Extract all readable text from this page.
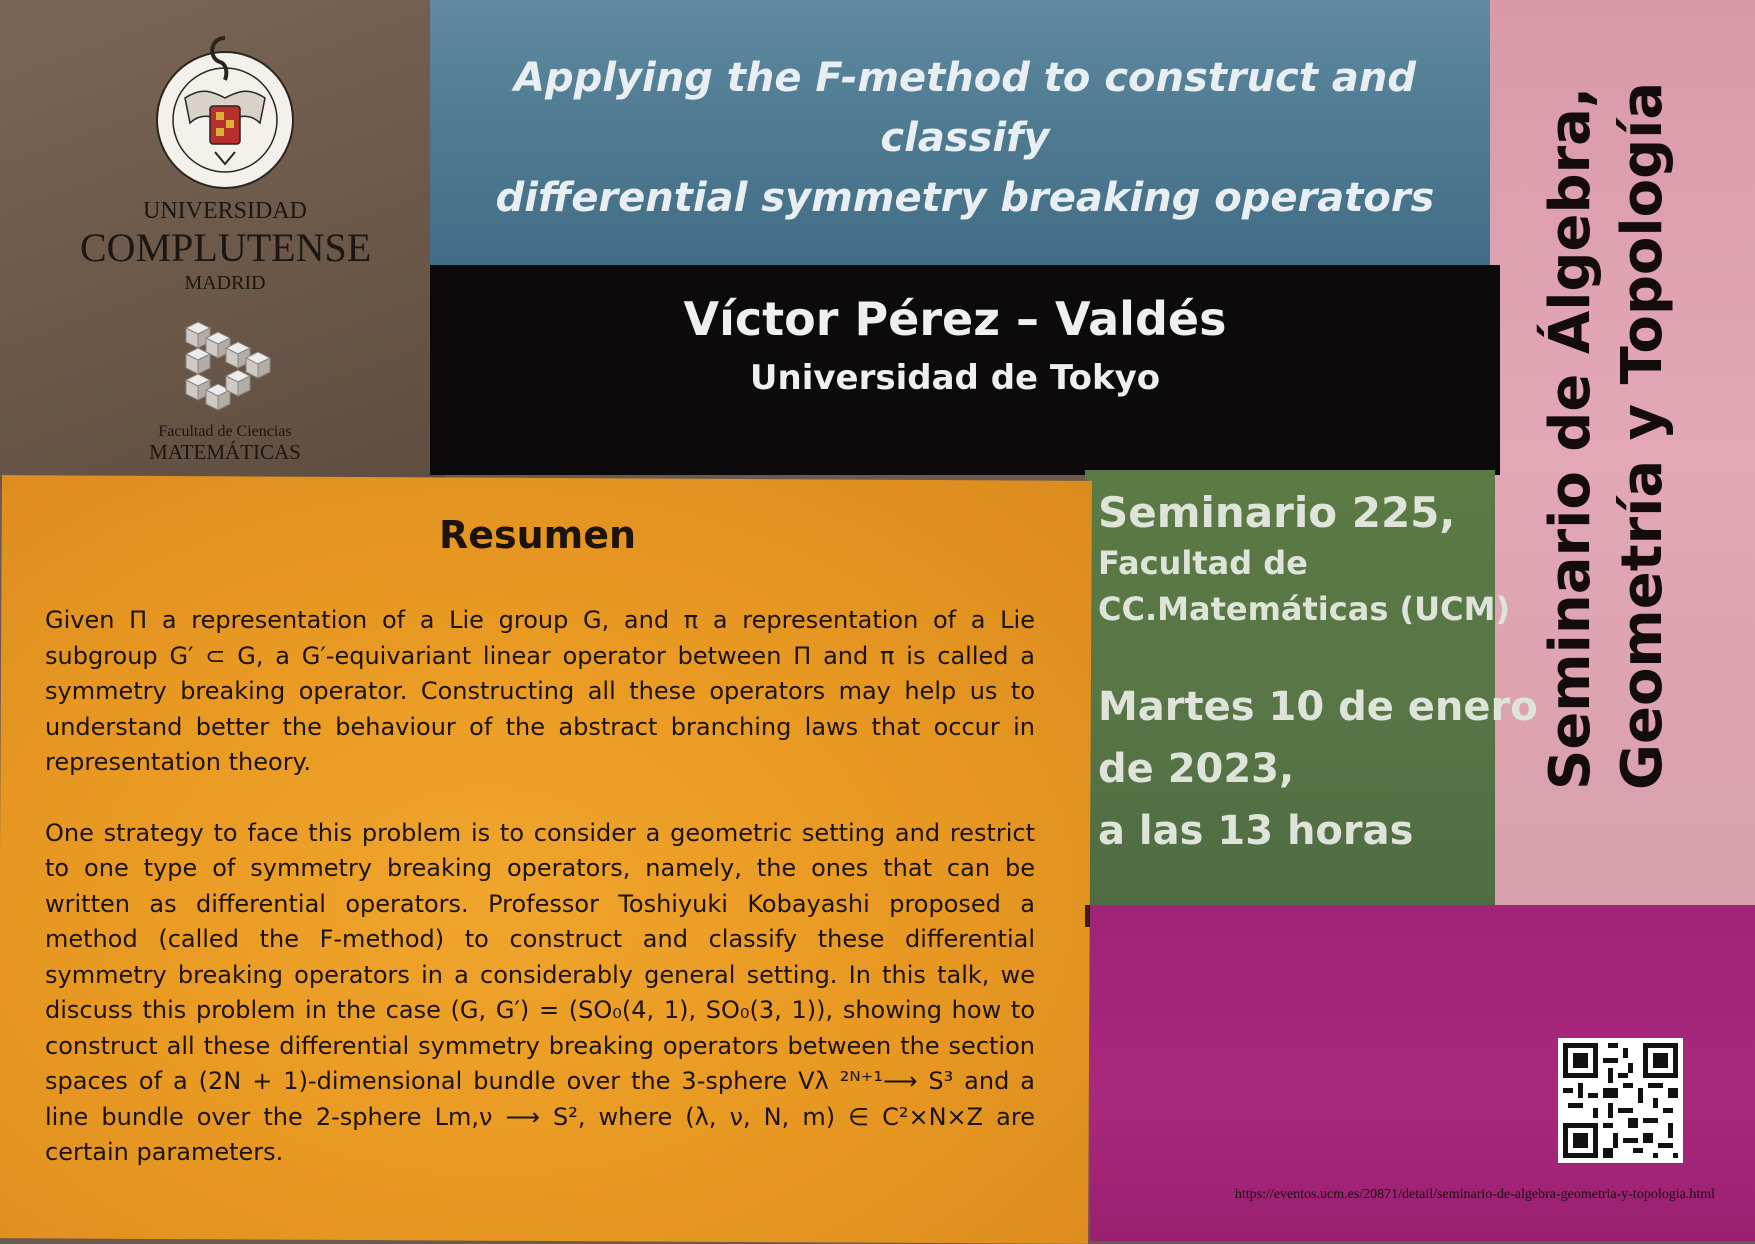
UNIVERSIDAD
COMPLUTENSE
MADRID
Facultad de Ciencias
MATEMÁTICAS
Applying the F-method to construct and classify
differential symmetry breaking operators
Víctor Pérez – Valdés
Universidad de Tokyo
Resumen

Given Π a representation of a Lie group G, and π a representation of a Lie subgroup G′ ⊂ G, a G′-equivariant linear operator between Π and π is called a symmetry breaking operator. Constructing all these operators may help us to understand better the behaviour of the abstract branching laws that occur in representation theory.

One strategy to face this problem is to consider a geometric setting and restrict to one type of symmetry breaking operators, namely, the ones that can be written as differential operators. Professor Toshiyuki Kobayashi proposed a method (called the F-method) to construct and classify these differential symmetry breaking operators in a considerably general setting. In this talk, we discuss this problem in the case (G, G′) = (SO₀(4, 1), SO₀(3, 1)), showing how to construct all these differential symmetry breaking operators between the section spaces of a (2N + 1)-dimensional bundle over the 3-sphere Vλ ²ᴺ⁺¹⟶ S³ and a line bundle over the 2-sphere Lm,ν ⟶ S², where (λ, ν, N, m) ∈ C²×N×Z are certain parameters.

Seminario 225,
Facultad de
CC.Matemáticas (UCM)
Martes 10 de enero
de 2023,
a las 13 horas
Seminario de Álgebra, Geometría y Topología
https://eventos.ucm.es/20871/detail/seminario-de-algebra-geometria-y-topologia.html
